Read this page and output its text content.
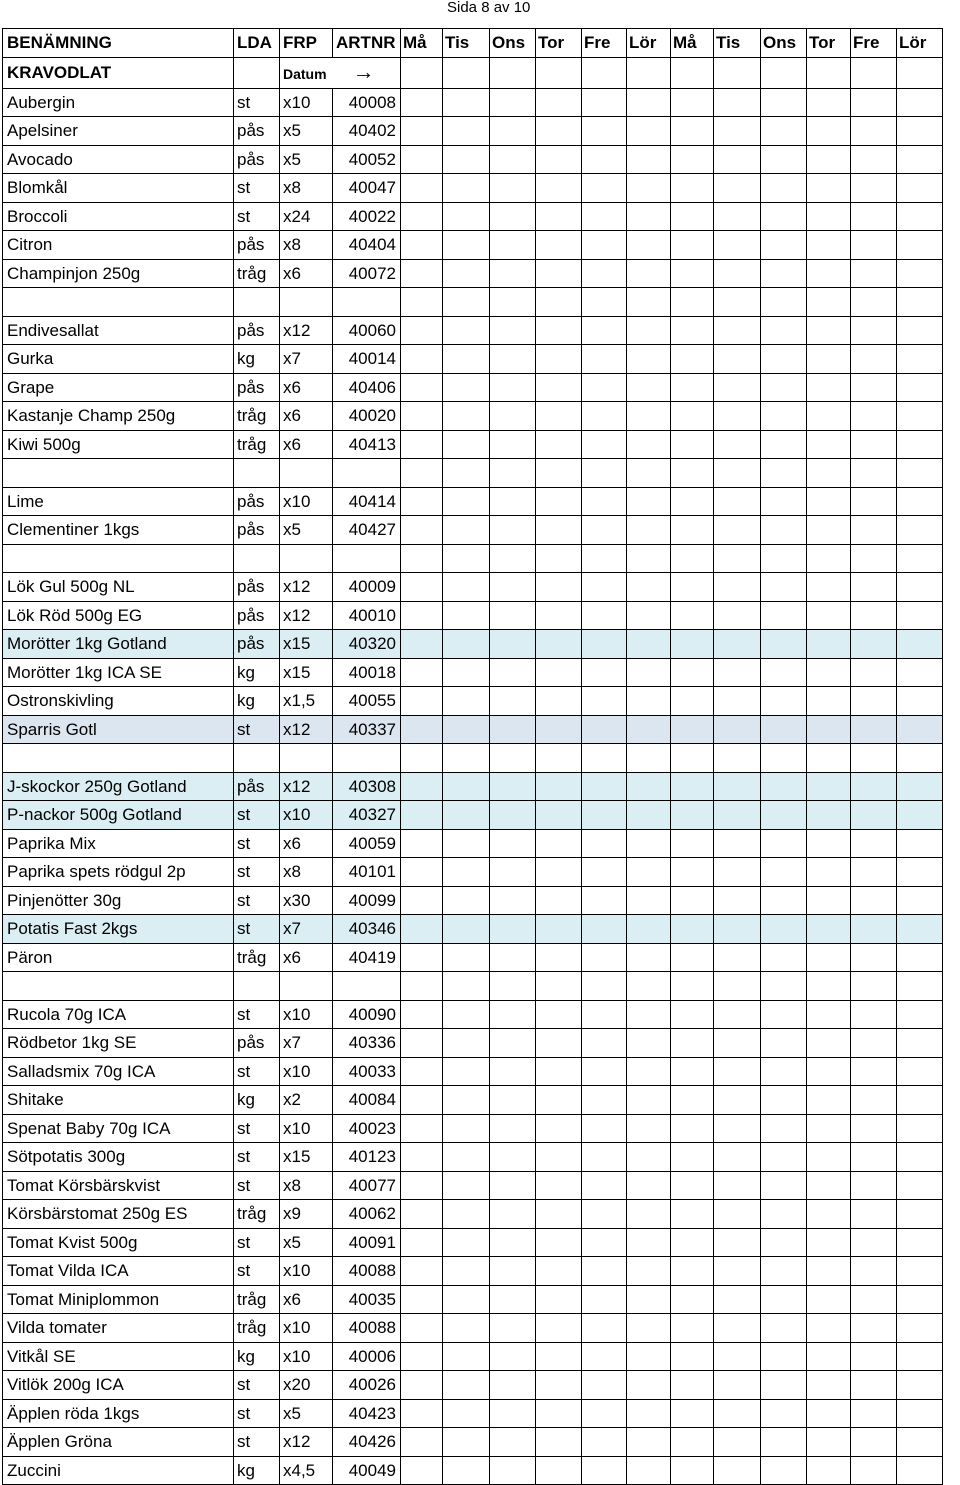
Sida 8 av 10
BENÄMNING	LDA	FRP	ARTNR	Må	Tis	Ons	Tor	Fre	Lör	Må	Tis	Ons	Tor	Fre	Lör
KRAVODLAT		Datum →													
Aubergin	st	x10	40008												
Apelsiner	pås	x5	40402												
Avocado	pås	x5	40052												
Blomkål	st	x8	40047												
Broccoli	st	x24	40022												
Citron	pås	x8	40404												
Champinjon 250g	tråg	x6	40072												

Endivesallat	pås	x12	40060												
Gurka	kg	x7	40014												
Grape	pås	x6	40406												
Kastanje Champ 250g	tråg	x6	40020												
Kiwi 500g	tråg	x6	40413												

Lime	pås	x10	40414												
Clementiner 1kgs	pås	x5	40427												

Lök Gul 500g NL	pås	x12	40009												
Lök Röd 500g EG	pås	x12	40010												
Morötter 1kg Gotland	pås	x15	40320												
Morötter 1kg ICA SE	kg	x15	40018												
Ostronskivling	kg	x1,5	40055												
Sparris Gotl	st	x12	40337												

J-skockor 250g Gotland	pås	x12	40308												
P-nackor 500g Gotland	st	x10	40327												
Paprika Mix	st	x6	40059												
Paprika spets rödgul 2p	st	x8	40101												
Pinjenötter 30g	st	x30	40099												
Potatis Fast 2kgs	st	x7	40346												
Päron	tråg	x6	40419												

Rucola 70g ICA	st	x10	40090												
Rödbetor 1kg SE	pås	x7	40336												
Salladsmix 70g ICA	st	x10	40033												
Shitake	kg	x2	40084												
Spenat Baby 70g ICA	st	x10	40023												
Sötpotatis 300g	st	x15	40123												
Tomat Körsbärskvist	st	x8	40077												
Körsbärstomat 250g ES	tråg	x9	40062												
Tomat Kvist 500g	st	x5	40091												
Tomat Vilda ICA	st	x10	40088												
Tomat Miniplommon	tråg	x6	40035												
Vilda tomater	tråg	x10	40088												
Vitkål SE	kg	x10	40006												
Vitlök 200g ICA	st	x20	40026												
Äpplen röda 1kgs	st	x5	40423												
Äpplen Gröna	st	x12	40426												
Zuccini	kg	x4,5	40049												
